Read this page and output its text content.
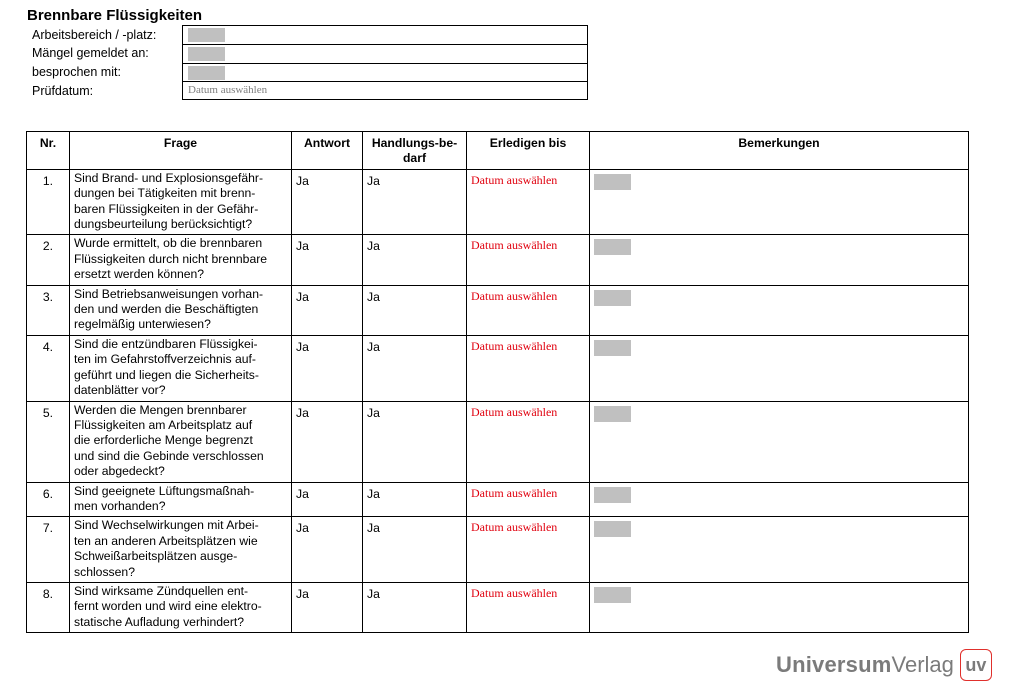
Brennbare Flüssigkeiten
Arbeitsbereich / -platz:
Mängel gemeldet an:
besprochen mit:
Prüfdatum:	Datum auswählen
Nr.	Frage	Antwort	Handlungs-be-
darf	Erledigen bis	Bemerkungen
1.	Sind Brand- und Explosionsgefähr-
dungen bei Tätigkeiten mit brenn-
baren Flüssigkeiten in der Gefähr-
dungsbeurteilung berücksichtigt?	Ja	Ja	Datum auswählen	
2.	Wurde ermittelt, ob die brennbaren
Flüssigkeiten durch nicht brennbare
ersetzt werden können?	Ja	Ja	Datum auswählen	
3.	Sind Betriebsanweisungen vorhan-
den und werden die Beschäftigten
regelmäßig unterwiesen?	Ja	Ja	Datum auswählen	
4.	Sind die entzündbaren Flüssigkei-
ten im Gefahrstoffverzeichnis auf-
geführt und liegen die Sicherheits-
datenblätter vor?	Ja	Ja	Datum auswählen	
5.	Werden die Mengen brennbarer
Flüssigkeiten am Arbeitsplatz auf
die erforderliche Menge begrenzt
und sind die Gebinde verschlossen
oder abgedeckt?	Ja	Ja	Datum auswählen	
6.	Sind geeignete Lüftungsmaßnah-
men vorhanden?	Ja	Ja	Datum auswählen	
7.	Sind Wechselwirkungen mit Arbei-
ten an anderen Arbeitsplätzen wie
Schweißarbeitsplätzen ausge-
schlossen?	Ja	Ja	Datum auswählen	
8.	Sind wirksame Zündquellen ent-
fernt worden und wird eine elektro-
statische Aufladung verhindert?	Ja	Ja	Datum auswählen	
Universum Verlag uv
